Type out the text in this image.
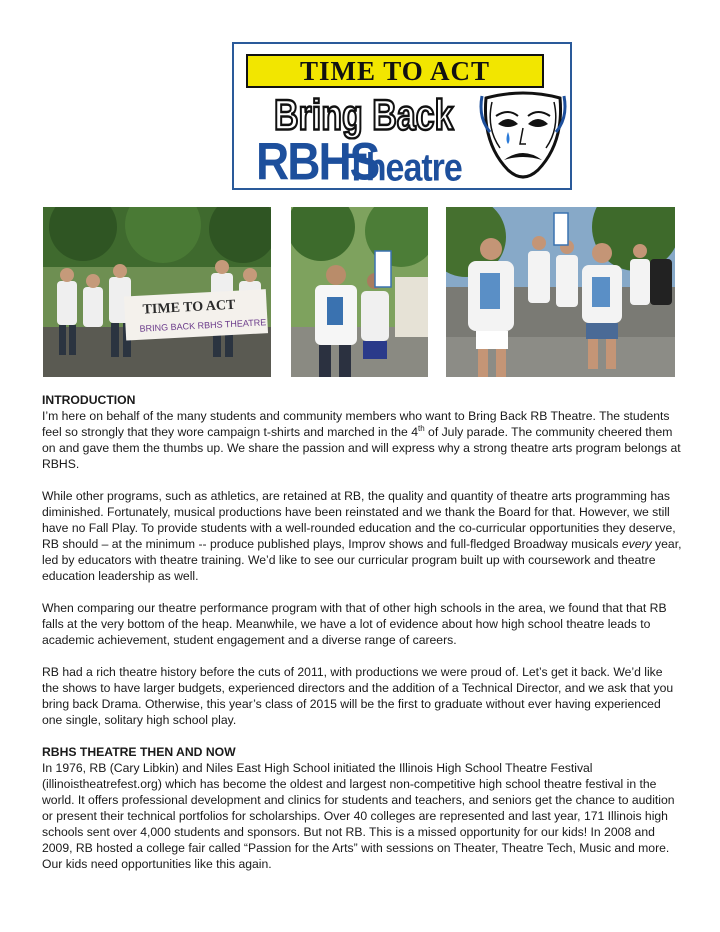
TIME TO ACT
Bring Back
RBHS
Theatre
TIME TO ACT
BRING BACK RBHS THEATRE
INTRODUCTION

I’m here on behalf of the many students and community members who want to Bring Back RB Theatre. The students feel so strongly that they wore campaign t-shirts and marched in the 4th of July parade. The community cheered them on and gave them the thumbs up. We share the passion and will express why a strong theatre arts program belongs at RBHS.

While other programs, such as athletics, are retained at RB, the quality and quantity of theatre arts programming has diminished. Fortunately, musical productions have been reinstated and we thank the Board for that. However, we still have no Fall Play. To provide students with a well-rounded education and the co-curricular opportunities they deserve, RB should – at the minimum -- produce published plays, Improv shows and full-fledged Broadway musicals every year, led by educators with theatre training. We’d like to see our curricular program built up with coursework and theatre education leadership as well.

When comparing our theatre performance program with that of other high schools in the area, we found that that RB falls at the very bottom of the heap. Meanwhile, we have a lot of evidence about how high school theatre leads to academic achievement, student engagement and a diverse range of careers.

RB had a rich theatre history before the cuts of 2011, with productions we were proud of. Let’s get it back. We’d like the shows to have larger budgets, experienced directors and the addition of a Technical Director, and we ask that you bring back Drama. Otherwise, this year’s class of 2015 will be the first to graduate without ever having experienced one single, solitary high school play.

RBHS THEATRE THEN AND NOW

In 1976, RB (Cary Libkin) and Niles East High School initiated the Illinois High School Theatre Festival (illinoistheatrefest.org) which has become the oldest and largest non-competitive high school theatre festival in the world. It offers professional development and clinics for students and teachers, and seniors get the chance to audition or present their technical portfolios for scholarships. Over 40 colleges are represented and last year, 171 Illinois high schools sent over 4,000 students and sponsors. But not RB. This is a missed opportunity for our kids! In 2008 and 2009, RB hosted a college fair called “Passion for the Arts” with sessions on Theater, Theatre Tech, Music and more. Our kids need opportunities like this again.
